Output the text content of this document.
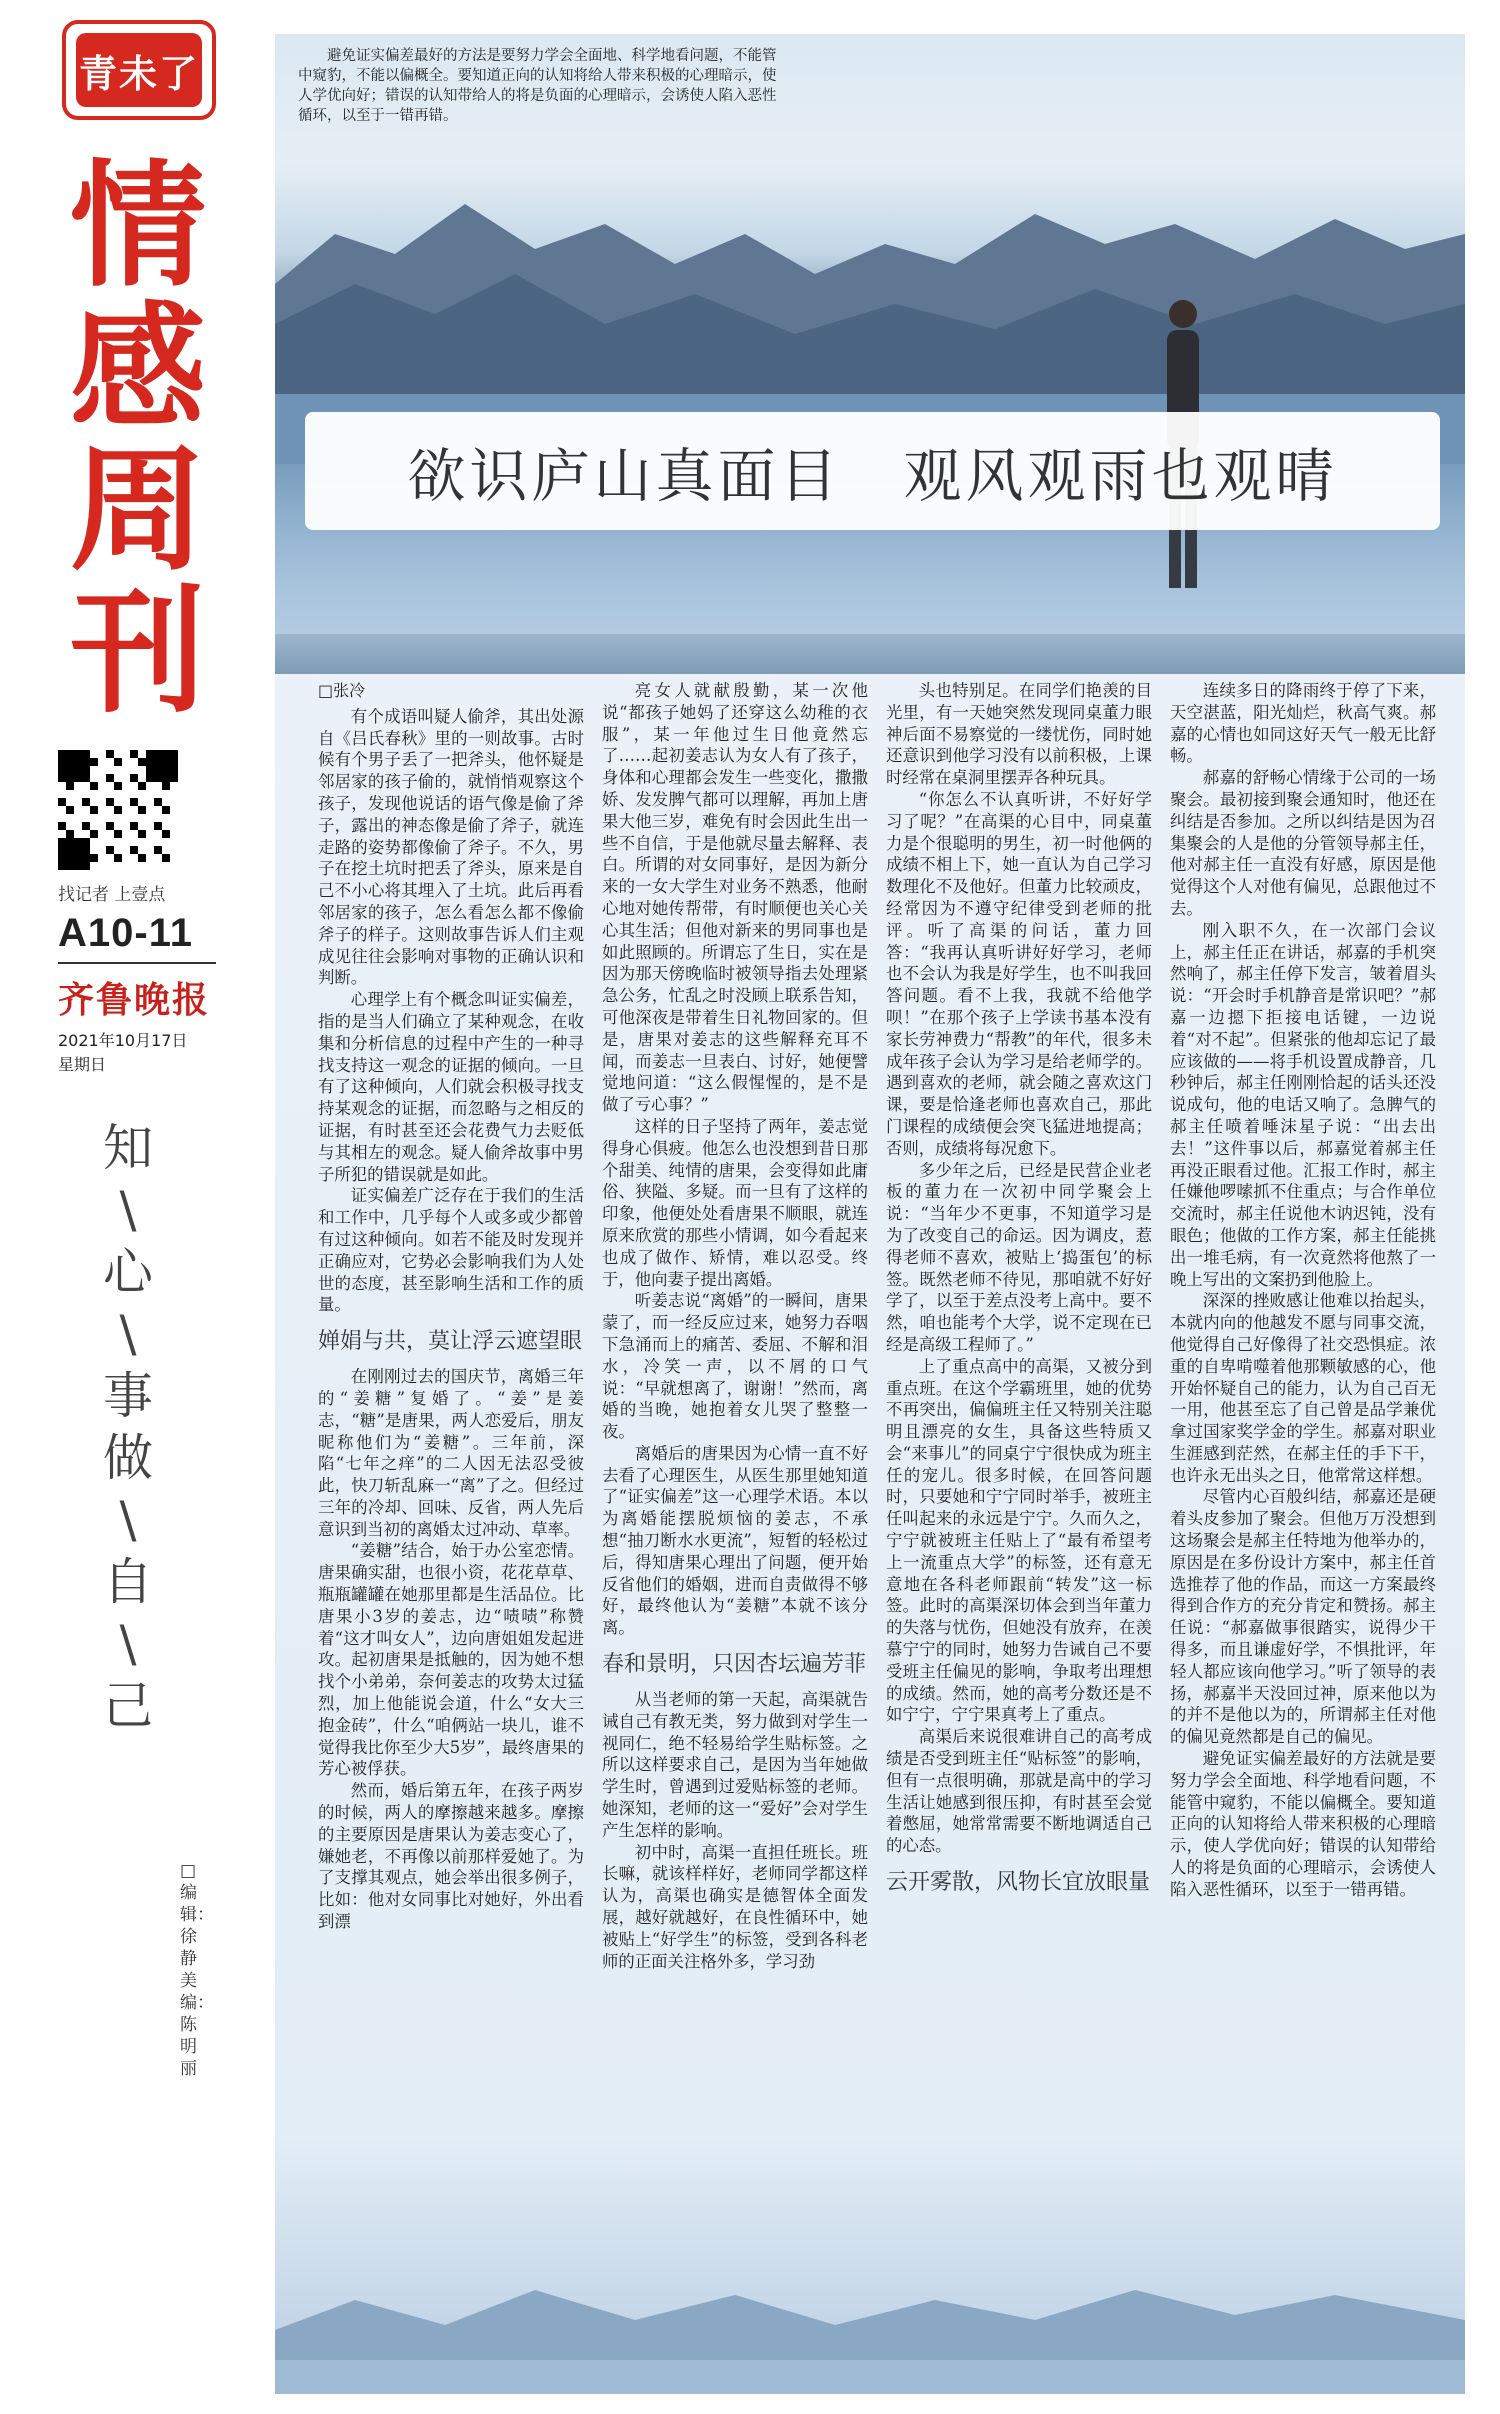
青未了
情
感
周
刊
找记者 上壹点
A10-11
齐鲁晚报
2021年10月17日
星期日
知
\
心
\
事
做
\
自
\
己
□编辑：徐静 美编：陈明丽
避免证实偏差最好的方法是要努力学会全面地、科学地看问题，不能管中窥豹，不能以偏概全。要知道正向的认知将给人带来积极的心理暗示，使人学优向好；错误的认知带给人的将是负面的心理暗示，会诱使人陷入恶性循环，以至于一错再错。
欲识庐山真面目　观风观雨也观晴
□张冷

有个成语叫疑人偷斧，其出处源自《吕氏春秋》里的一则故事。古时候有个男子丢了一把斧头，他怀疑是邻居家的孩子偷的，就悄悄观察这个孩子，发现他说话的语气像是偷了斧子，露出的神态像是偷了斧子，就连走路的姿势都像偷了斧子。不久，男子在挖土坑时把丢了斧头，原来是自己不小心将其埋入了土坑。此后再看邻居家的孩子，怎么看怎么都不像偷斧子的样子。这则故事告诉人们主观成见往往会影响对事物的正确认识和判断。

心理学上有个概念叫证实偏差，指的是当人们确立了某种观念，在收集和分析信息的过程中产生的一种寻找支持这一观念的证据的倾向。一旦有了这种倾向，人们就会积极寻找支持某观念的证据，而忽略与之相反的证据，有时甚至还会花费气力去贬低与其相左的观念。疑人偷斧故事中男子所犯的错误就是如此。

证实偏差广泛存在于我们的生活和工作中，几乎每个人或多或少都曾有过这种倾向。如若不能及时发现并正确应对，它势必会影响我们为人处世的态度，甚至影响生活和工作的质量。

婵娟与共，莫让浮云遮望眼

在刚刚过去的国庆节，离婚三年的“姜糖”复婚了。“姜”是姜志，“糖”是唐果，两人恋爱后，朋友昵称他们为“姜糖”。三年前，深陷“七年之痒”的二人因无法忍受彼此，快刀斩乱麻一“离”了之。但经过三年的冷却、回味、反省，两人先后意识到当初的离婚太过冲动、草率。

“姜糖”结合，始于办公室恋情。唐果确实甜，也很小资，花花草草、瓶瓶罐罐在她那里都是生活品位。比唐果小3岁的姜志，边“啧啧”称赞着“这才叫女人”，边向唐姐姐发起进攻。起初唐果是抵触的，因为她不想找个小弟弟，奈何姜志的攻势太过猛烈，加上他能说会道，什么“女大三抱金砖”，什么“咱俩站一块儿，谁不觉得我比你至少大5岁”，最终唐果的芳心被俘获。

然而，婚后第五年，在孩子两岁的时候，两人的摩擦越来越多。摩擦的主要原因是唐果认为姜志变心了，嫌她老，不再像以前那样爱她了。为了支撑其观点，她会举出很多例子，比如：他对女同事比对她好，外出看到漂

亮女人就献殷勤，某一次他说“都孩子她妈了还穿这么幼稚的衣服”，某一年他过生日他竟然忘了……起初姜志认为女人有了孩子，身体和心理都会发生一些变化，撒撒娇、发发脾气都可以理解，再加上唐果大他三岁，难免有时会因此生出一些不自信，于是他就尽量去解释、表白。所谓的对女同事好，是因为新分来的一女大学生对业务不熟悉，他耐心地对她传帮带，有时顺便也关心关心其生活；但他对新来的男同事也是如此照顾的。所谓忘了生日，实在是因为那天傍晚临时被领导指去处理紧急公务，忙乱之时没顾上联系告知，可他深夜是带着生日礼物回家的。但是，唐果对姜志的这些解释充耳不闻，而姜志一旦表白、讨好，她便譬觉地问道：“这么假惺惺的，是不是做了亏心事？”

这样的日子坚持了两年，姜志觉得身心俱疲。他怎么也没想到昔日那个甜美、纯情的唐果，会变得如此庸俗、狭隘、多疑。而一旦有了这样的印象，他便处处看唐果不顺眼，就连原来欣赏的那些小情调，如今看起来也成了做作、矫情，难以忍受。终于，他向妻子提出离婚。

听姜志说“离婚”的一瞬间，唐果蒙了，而一经反应过来，她努力吞咽下急涌而上的痛苦、委屈、不解和泪水，冷笑一声，以不屑的口气说：“早就想离了，谢谢！”然而，离婚的当晚，她抱着女儿哭了整整一夜。

离婚后的唐果因为心情一直不好去看了心理医生，从医生那里她知道了“证实偏差”这一心理学术语。本以为离婚能摆脱烦恼的姜志，不承想“抽刀断水水更流”，短暂的轻松过后，得知唐果心理出了问题，便开始反省他们的婚姻，进而自责做得不够好，最终他认为“姜糖”本就不该分离。

春和景明，只因杏坛遍芳菲

从当老师的第一天起，高渠就告诫自己有教无类，努力做到对学生一视同仁，绝不轻易给学生贴标签。之所以这样要求自己，是因为当年她做学生时，曾遇到过爱贴标签的老师。她深知，老师的这一“爱好”会对学生产生怎样的影响。

初中时，高渠一直担任班长。班长嘛，就该样样好，老师同学都这样认为，高渠也确实是德智体全面发展，越好就越好，在良性循环中，她被贴上“好学生”的标签，受到各科老师的正面关注格外多，学习劲

头也特别足。在同学们艳羡的目光里，有一天她突然发现同桌董力眼神后面不易察觉的一缕忧伤，同时她还意识到他学习没有以前积极，上课时经常在桌洞里摆弄各种玩具。

“你怎么不认真听讲，不好好学习了呢？”在高渠的心目中，同桌董力是个很聪明的男生，初一时他俩的成绩不相上下，她一直认为自己学习数理化不及他好。但董力比较顽皮，经常因为不遵守纪律受到老师的批评。听了高渠的问话，董力回答：“我再认真听讲好好学习，老师也不会认为我是好学生，也不叫我回答问题。看不上我，我就不给他学呗！”在那个孩子上学读书基本没有家长劳神费力“帮教”的年代，很多未成年孩子会认为学习是给老师学的。遇到喜欢的老师，就会随之喜欢这门课，要是恰逢老师也喜欢自己，那此门课程的成绩便会突飞猛进地提高；否则，成绩将每况愈下。

多少年之后，已经是民营企业老板的董力在一次初中同学聚会上说：“当年少不更事，不知道学习是为了改变自己的命运。因为调皮，惹得老师不喜欢，被贴上‘捣蛋包’的标签。既然老师不待见，那咱就不好好学了，以至于差点没考上高中。要不然，咱也能考个大学，说不定现在已经是高级工程师了。”

上了重点高中的高渠，又被分到重点班。在这个学霸班里，她的优势不再突出，偏偏班主任又特别关注聪明且漂亮的女生，具备这些特质又会“来事儿”的同桌宁宁很快成为班主任的宠儿。很多时候，在回答问题时，只要她和宁宁同时举手，被班主任叫起来的永远是宁宁。久而久之，宁宁就被班主任贴上了“最有希望考上一流重点大学”的标签，还有意无意地在各科老师跟前“转发”这一标签。此时的高渠深切体会到当年董力的失落与忧伤，但她没有放弃，在羡慕宁宁的同时，她努力告诫自己不要受班主任偏见的影响，争取考出理想的成绩。然而，她的高考分数还是不如宁宁，宁宁果真考上了重点。

高渠后来说很难讲自己的高考成绩是否受到班主任“贴标签”的影响，但有一点很明确，那就是高中的学习生活让她感到很压抑，有时甚至会觉着憋屈，她常常需要不断地调适自己的心态。

云开雾散，风物长宜放眼量

连续多日的降雨终于停了下来，天空湛蓝，阳光灿烂，秋高气爽。郝嘉的心情也如同这好天气一般无比舒畅。

郝嘉的舒畅心情缘于公司的一场聚会。最初接到聚会通知时，他还在纠结是否参加。之所以纠结是因为召集聚会的人是他的分管领导郝主任，他对郝主任一直没有好感，原因是他觉得这个人对他有偏见，总跟他过不去。

刚入职不久，在一次部门会议上，郝主任正在讲话，郝嘉的手机突然响了，郝主任停下发言，皱着眉头说：“开会时手机静音是常识吧？”郝嘉一边摁下拒接电话键，一边说着“对不起”。但紧张的他却忘记了最应该做的——将手机设置成静音，几秒钟后，郝主任刚刚恰起的话头还没说成句，他的电话又响了。急脾气的郝主任喷着唾沫星子说：“出去出去！”这件事以后，郝嘉觉着郝主任再没正眼看过他。汇报工作时，郝主任嫌他啰嗦抓不住重点；与合作单位交流时，郝主任说他木讷迟钝，没有眼色；他做的工作方案，郝主任能挑出一堆毛病，有一次竟然将他熬了一晚上写出的文案扔到他脸上。

深深的挫败感让他难以抬起头，本就内向的他越发不愿与同事交流，他觉得自己好像得了社交恐惧症。浓重的自卑啃噬着他那颗敏感的心，他开始怀疑自己的能力，认为自己百无一用，他甚至忘了自己曾是品学兼优拿过国家奖学金的学生。郝嘉对职业生涯感到茫然，在郝主任的手下干，也许永无出头之日，他常常这样想。

尽管内心百般纠结，郝嘉还是硬着头皮参加了聚会。但他万万没想到这场聚会是郝主任特地为他举办的，原因是在多份设计方案中，郝主任首选推荐了他的作品，而这一方案最终得到合作方的充分肯定和赞扬。郝主任说：“郝嘉做事很踏实，说得少干得多，而且谦虚好学，不惧批评，年轻人都应该向他学习。”听了领导的表扬，郝嘉半天没回过神，原来他以为的并不是他以为的，所谓郝主任对他的偏见竟然都是自己的偏见。

避免证实偏差最好的方法就是要努力学会全面地、科学地看问题，不能管中窥豹，不能以偏概全。要知道正向的认知将给人带来积极的心理暗示，使人学优向好；错误的认知带给人的将是负面的心理暗示，会诱使人陷入恶性循环，以至于一错再错。
